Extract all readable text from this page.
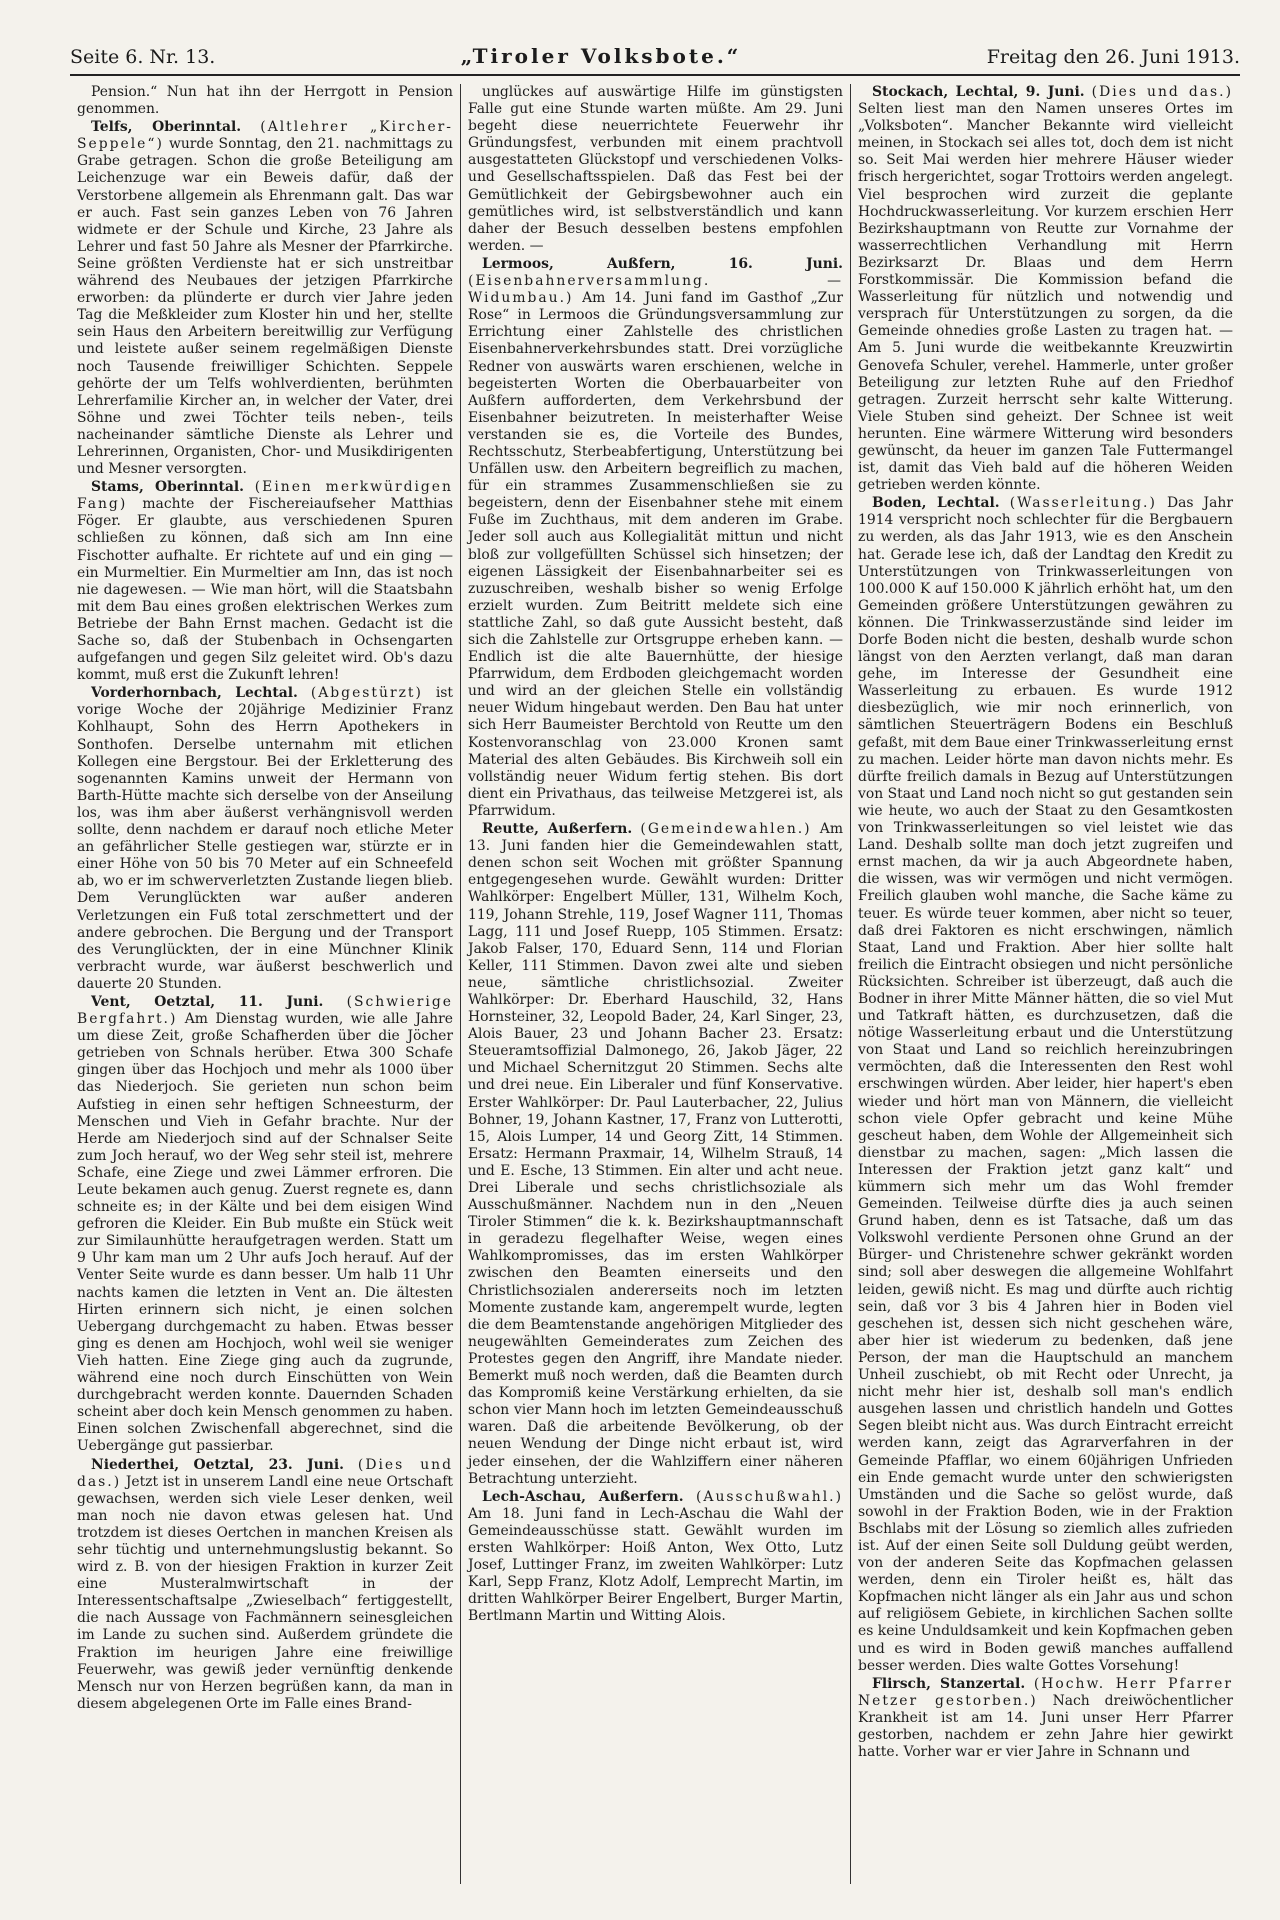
Seite 6. Nr. 13.	„Tiroler Volksbote.“	Freitag den 26. Juni 1913.

Pension.“ Nun hat ihn der Herrgott in Pension genommen.

Telfs, Oberinntal. (Altlehrer „Kircher-Seppele“) wurde Sonntag, den 21. nachmittags zu Grabe getragen. Schon die große Beteiligung am Leichenzuge war ein Beweis dafür, daß der Verstorbene allgemein als Ehrenmann galt. Das war er auch. Fast sein ganzes Leben von 76 Jahren widmete er der Schule und Kirche, 23 Jahre als Lehrer und fast 50 Jahre als Mesner der Pfarrkirche. Seine größten Verdienste hat er sich unstreitbar während des Neubaues der jetzigen Pfarrkirche erworben: da plünderte er durch vier Jahre jeden Tag die Meßkleider zum Kloster hin und her, stellte sein Haus den Arbeitern bereitwillig zur Verfügung und leistete außer seinem regelmäßigen Dienste noch Tausende freiwilliger Schichten. Seppele gehörte der um Telfs wohlverdienten, berühmten Lehrerfamilie Kircher an, in welcher der Vater, drei Söhne und zwei Töchter teils neben-, teils nacheinander sämtliche Dienste als Lehrer und Lehrerinnen, Organisten, Chor- und Musikdirigenten und Mesner versorgten.

Stams, Oberinntal. (Einen merkwürdigen Fang) machte der Fischereiaufseher Matthias Föger. Er glaubte, aus verschiedenen Spuren schließen zu können, daß sich am Inn eine Fischotter aufhalte. Er richtete auf und ein ging — ein Murmeltier. Ein Murmeltier am Inn, das ist noch nie dagewesen. — Wie man hört, will die Staatsbahn mit dem Bau eines großen elektrischen Werkes zum Betriebe der Bahn Ernst machen. Gedacht ist die Sache so, daß der Stubenbach in Ochsengarten aufgefangen und gegen Silz geleitet wird. Ob's dazu kommt, muß erst die Zukunft lehren!

Vorderhornbach, Lechtal. (Abgestürzt) ist vorige Woche der 20jährige Medizinier Franz Kohlhaupt, Sohn des Herrn Apothekers in Sonthofen. Derselbe unternahm mit etlichen Kollegen eine Bergstour. Bei der Erkletterung des sogenannten Kamins unweit der Hermann von Barth-Hütte machte sich derselbe von der Anseilung los, was ihm aber äußerst verhängnisvoll werden sollte, denn nachdem er darauf noch etliche Meter an gefährlicher Stelle gestiegen war, stürzte er in einer Höhe von 50 bis 70 Meter auf ein Schneefeld ab, wo er im schwerverletzten Zustande liegen blieb. Dem Verunglückten war außer anderen Verletzungen ein Fuß total zerschmettert und der andere gebrochen. Die Bergung und der Transport des Verunglückten, der in eine Münchner Klinik verbracht wurde, war äußerst beschwerlich und dauerte 20 Stunden.

Vent, Oetztal, 11. Juni. (Schwierige Bergfahrt.) Am Dienstag wurden, wie alle Jahre um diese Zeit, große Schafherden über die Jöcher getrieben von Schnals herüber. Etwa 300 Schafe gingen über das Hochjoch und mehr als 1000 über das Niederjoch. Sie gerieten nun schon beim Aufstieg in einen sehr heftigen Schneesturm, der Menschen und Vieh in Gefahr brachte. Nur der Herde am Niederjoch sind auf der Schnalser Seite zum Joch herauf, wo der Weg sehr steil ist, mehrere Schafe, eine Ziege und zwei Lämmer erfroren. Die Leute bekamen auch genug. Zuerst regnete es, dann schneite es; in der Kälte und bei dem eisigen Wind gefroren die Kleider. Ein Bub mußte ein Stück weit zur Similaunhütte heraufgetragen werden. Statt um 9 Uhr kam man um 2 Uhr aufs Joch herauf. Auf der Venter Seite wurde es dann besser. Um halb 11 Uhr nachts kamen die letzten in Vent an. Die ältesten Hirten erinnern sich nicht, je einen solchen Uebergang durchgemacht zu haben. Etwas besser ging es denen am Hochjoch, wohl weil sie weniger Vieh hatten. Eine Ziege ging auch da zugrunde, während eine noch durch Einschütten von Wein durchgebracht werden konnte. Dauernden Schaden scheint aber doch kein Mensch genommen zu haben. Einen solchen Zwischenfall abgerechnet, sind die Uebergänge gut passierbar.

Niederthei, Oetztal, 23. Juni. (Dies und das.) Jetzt ist in unserem Landl eine neue Ortschaft gewachsen, werden sich viele Leser denken, weil man noch nie davon etwas gelesen hat. Und trotzdem ist dieses Oertchen in manchen Kreisen als sehr tüchtig und unternehmungslustig bekannt. So wird z. B. von der hiesigen Fraktion in kurzer Zeit eine Musteralmwirtschaft in der Interessentschaftsalpe „Zwieselbach“ fertiggestellt, die nach Aussage von Fachmännern seinesgleichen im Lande zu suchen sind. Außerdem gründete die Fraktion im heurigen Jahre eine freiwillige Feuerwehr, was gewiß jeder vernünftig denkende Mensch nur von Herzen begrüßen kann, da man in diesem abgelegenen Orte im Falle eines Brand-

unglückes auf auswärtige Hilfe im günstigsten Falle gut eine Stunde warten müßte. Am 29. Juni begeht diese neuerrichtete Feuerwehr ihr Gründungsfest, verbunden mit einem prachtvoll ausgestatteten Glückstopf und verschiedenen Volks- und Gesellschaftsspielen. Daß das Fest bei der Gemütlichkeit der Gebirgsbewohner auch ein gemütliches wird, ist selbstverständlich und kann daher der Besuch desselben bestens empfohlen werden. —

Lermoos, Außfern, 16. Juni. (Eisenbahnerversammlung. — Widumbau.) Am 14. Juni fand im Gasthof „Zur Rose“ in Lermoos die Gründungsversammlung zur Errichtung einer Zahlstelle des christlichen Eisenbahnerverkehrsbundes statt. Drei vorzügliche Redner von auswärts waren erschienen, welche in begeisterten Worten die Oberbauarbeiter von Außfern aufforderten, dem Verkehrsbund der Eisenbahner beizutreten. In meisterhafter Weise verstanden sie es, die Vorteile des Bundes, Rechtsschutz, Sterbeabfertigung, Unterstützung bei Unfällen usw. den Arbeitern begreiflich zu machen, für ein strammes Zusammenschließen sie zu begeistern, denn der Eisenbahner stehe mit einem Fuße im Zuchthaus, mit dem anderen im Grabe. Jeder soll auch aus Kollegialität mittun und nicht bloß zur vollgefüllten Schüssel sich hinsetzen; der eigenen Lässigkeit der Eisenbahnarbeiter sei es zuzuschreiben, weshalb bisher so wenig Erfolge erzielt wurden. Zum Beitritt meldete sich eine stattliche Zahl, so daß gute Aussicht besteht, daß sich die Zahlstelle zur Ortsgruppe erheben kann. — Endlich ist die alte Bauernhütte, der hiesige Pfarrwidum, dem Erdboden gleichgemacht worden und wird an der gleichen Stelle ein vollständig neuer Widum hingebaut werden. Den Bau hat unter sich Herr Baumeister Berchtold von Reutte um den Kostenvoranschlag von 23.000 Kronen samt Material des alten Gebäudes. Bis Kirchweih soll ein vollständig neuer Widum fertig stehen. Bis dort dient ein Privathaus, das teilweise Metzgerei ist, als Pfarrwidum.

Reutte, Außerfern. (Gemeindewahlen.) Am 13. Juni fanden hier die Gemeindewahlen statt, denen schon seit Wochen mit größter Spannung entgegengesehen wurde. Gewählt wurden: Dritter Wahlkörper: Engelbert Müller, 131, Wilhelm Koch, 119, Johann Strehle, 119, Josef Wagner 111, Thomas Lagg, 111 und Josef Ruepp, 105 Stimmen. Ersatz: Jakob Falser, 170, Eduard Senn, 114 und Florian Keller, 111 Stimmen. Davon zwei alte und sieben neue, sämtliche christlichsozial. Zweiter Wahlkörper: Dr. Eberhard Hauschild, 32, Hans Hornsteiner, 32, Leopold Bader, 24, Karl Singer, 23, Alois Bauer, 23 und Johann Bacher 23. Ersatz: Steueramtsoffizial Dalmonego, 26, Jakob Jäger, 22 und Michael Schernitzgut 20 Stimmen. Sechs alte und drei neue. Ein Liberaler und fünf Konservative. Erster Wahlkörper: Dr. Paul Lauterbacher, 22, Julius Bohner, 19, Johann Kastner, 17, Franz von Lutterotti, 15, Alois Lumper, 14 und Georg Zitt, 14 Stimmen. Ersatz: Hermann Praxmair, 14, Wilhelm Strauß, 14 und E. Esche, 13 Stimmen. Ein alter und acht neue. Drei Liberale und sechs christlichsoziale als Ausschußmänner. Nachdem nun in den „Neuen Tiroler Stimmen“ die k. k. Bezirkshauptmannschaft in geradezu flegelhafter Weise, wegen eines Wahlkompromisses, das im ersten Wahlkörper zwischen den Beamten einerseits und den Christlichsozialen andererseits noch im letzten Momente zustande kam, angerempelt wurde, legten die dem Beamtenstande angehörigen Mitglieder des neugewählten Gemeinderates zum Zeichen des Protestes gegen den Angriff, ihre Mandate nieder. Bemerkt muß noch werden, daß die Beamten durch das Kompromiß keine Verstärkung erhielten, da sie schon vier Mann hoch im letzten Gemeindeausschuß waren. Daß die arbeitende Bevölkerung, ob der neuen Wendung der Dinge nicht erbaut ist, wird jeder einsehen, der die Wahlziffern einer näheren Betrachtung unterzieht.

Lech-Aschau, Außerfern. (Ausschußwahl.) Am 18. Juni fand in Lech-Aschau die Wahl der Gemeindeausschüsse statt. Gewählt wurden im ersten Wahlkörper: Hoiß Anton, Wex Otto, Lutz Josef, Luttinger Franz, im zweiten Wahlkörper: Lutz Karl, Sepp Franz, Klotz Adolf, Lemprecht Martin, im dritten Wahlkörper Beirer Engelbert, Burger Martin, Bertlmann Martin und Witting Alois.

Stockach, Lechtal, 9. Juni. (Dies und das.) Selten liest man den Namen unseres Ortes im „Volksboten“. Mancher Bekannte wird vielleicht meinen, in Stockach sei alles tot, doch dem ist nicht so. Seit Mai werden hier mehrere Häuser wieder frisch hergerichtet, sogar Trottoirs werden angelegt. Viel besprochen wird zurzeit die geplante Hochdruckwasserleitung. Vor kurzem erschien Herr Bezirkshauptmann von Reutte zur Vornahme der wasserrechtlichen Verhandlung mit Herrn Bezirksarzt Dr. Blaas und dem Herrn Forstkommissär. Die Kommission befand die Wasserleitung für nützlich und notwendig und versprach für Unterstützungen zu sorgen, da die Gemeinde ohnedies große Lasten zu tragen hat. — Am 5. Juni wurde die weitbekannte Kreuzwirtin Genovefa Schuler, verehel. Hammerle, unter großer Beteiligung zur letzten Ruhe auf den Friedhof getragen. Zurzeit herrscht sehr kalte Witterung. Viele Stuben sind geheizt. Der Schnee ist weit herunten. Eine wärmere Witterung wird besonders gewünscht, da heuer im ganzen Tale Futtermangel ist, damit das Vieh bald auf die höheren Weiden getrieben werden könnte.

Boden, Lechtal. (Wasserleitung.) Das Jahr 1914 verspricht noch schlechter für die Bergbauern zu werden, als das Jahr 1913, wie es den Anschein hat. Gerade lese ich, daß der Landtag den Kredit zu Unterstützungen von Trinkwasserleitungen von 100.000 K auf 150.000 K jährlich erhöht hat, um den Gemeinden größere Unterstützungen gewähren zu können. Die Trinkwasserzustände sind leider im Dorfe Boden nicht die besten, deshalb wurde schon längst von den Aerzten verlangt, daß man daran gehe, im Interesse der Gesundheit eine Wasserleitung zu erbauen. Es wurde 1912 diesbezüglich, wie mir noch erinnerlich, von sämtlichen Steuerträgern Bodens ein Beschluß gefaßt, mit dem Baue einer Trinkwasserleitung ernst zu machen. Leider hörte man davon nichts mehr. Es dürfte freilich damals in Bezug auf Unterstützungen von Staat und Land noch nicht so gut gestanden sein wie heute, wo auch der Staat zu den Gesamtkosten von Trinkwasserleitungen so viel leistet wie das Land. Deshalb sollte man doch jetzt zugreifen und ernst machen, da wir ja auch Abgeordnete haben, die wissen, was wir vermögen und nicht vermögen. Freilich glauben wohl manche, die Sache käme zu teuer. Es würde teuer kommen, aber nicht so teuer, daß drei Faktoren es nicht erschwingen, nämlich Staat, Land und Fraktion. Aber hier sollte halt freilich die Eintracht obsiegen und nicht persönliche Rücksichten. Schreiber ist überzeugt, daß auch die Bodner in ihrer Mitte Männer hätten, die so viel Mut und Tatkraft hätten, es durchzusetzen, daß die nötige Wasserleitung erbaut und die Unterstützung von Staat und Land so reichlich hereinzubringen vermöchten, daß die Interessenten den Rest wohl erschwingen würden. Aber leider, hier hapert's eben wieder und hört man von Männern, die vielleicht schon viele Opfer gebracht und keine Mühe gescheut haben, dem Wohle der Allgemeinheit sich dienstbar zu machen, sagen: „Mich lassen die Interessen der Fraktion jetzt ganz kalt“ und kümmern sich mehr um das Wohl fremder Gemeinden. Teilweise dürfte dies ja auch seinen Grund haben, denn es ist Tatsache, daß um das Volkswohl verdiente Personen ohne Grund an der Bürger- und Christenehre schwer gekränkt worden sind; soll aber deswegen die allgemeine Wohlfahrt leiden, gewiß nicht. Es mag und dürfte auch richtig sein, daß vor 3 bis 4 Jahren hier in Boden viel geschehen ist, dessen sich nicht geschehen wäre, aber hier ist wiederum zu bedenken, daß jene Person, der man die Hauptschuld an manchem Unheil zuschiebt, ob mit Recht oder Unrecht, ja nicht mehr hier ist, deshalb soll man's endlich ausgehen lassen und christlich handeln und Gottes Segen bleibt nicht aus. Was durch Eintracht erreicht werden kann, zeigt das Agrarverfahren in der Gemeinde Pfafflar, wo einem 60jährigen Unfrieden ein Ende gemacht wurde unter den schwierigsten Umständen und die Sache so gelöst wurde, daß sowohl in der Fraktion Boden, wie in der Fraktion Bschlabs mit der Lösung so ziemlich alles zufrieden ist. Auf der einen Seite soll Duldung geübt werden, von der anderen Seite das Kopfmachen gelassen werden, denn ein Tiroler heißt es, hält das Kopfmachen nicht länger als ein Jahr aus und schon auf religiösem Gebiete, in kirchlichen Sachen sollte es keine Unduldsamkeit und kein Kopfmachen geben und es wird in Boden gewiß manches auffallend besser werden. Dies walte Gottes Vorsehung!

Flirsch, Stanzertal. (Hochw. Herr Pfarrer Netzer gestorben.) Nach dreiwöchentlicher Krankheit ist am 14. Juni unser Herr Pfarrer gestorben, nachdem er zehn Jahre hier gewirkt hatte. Vorher war er vier Jahre in Schnann und
